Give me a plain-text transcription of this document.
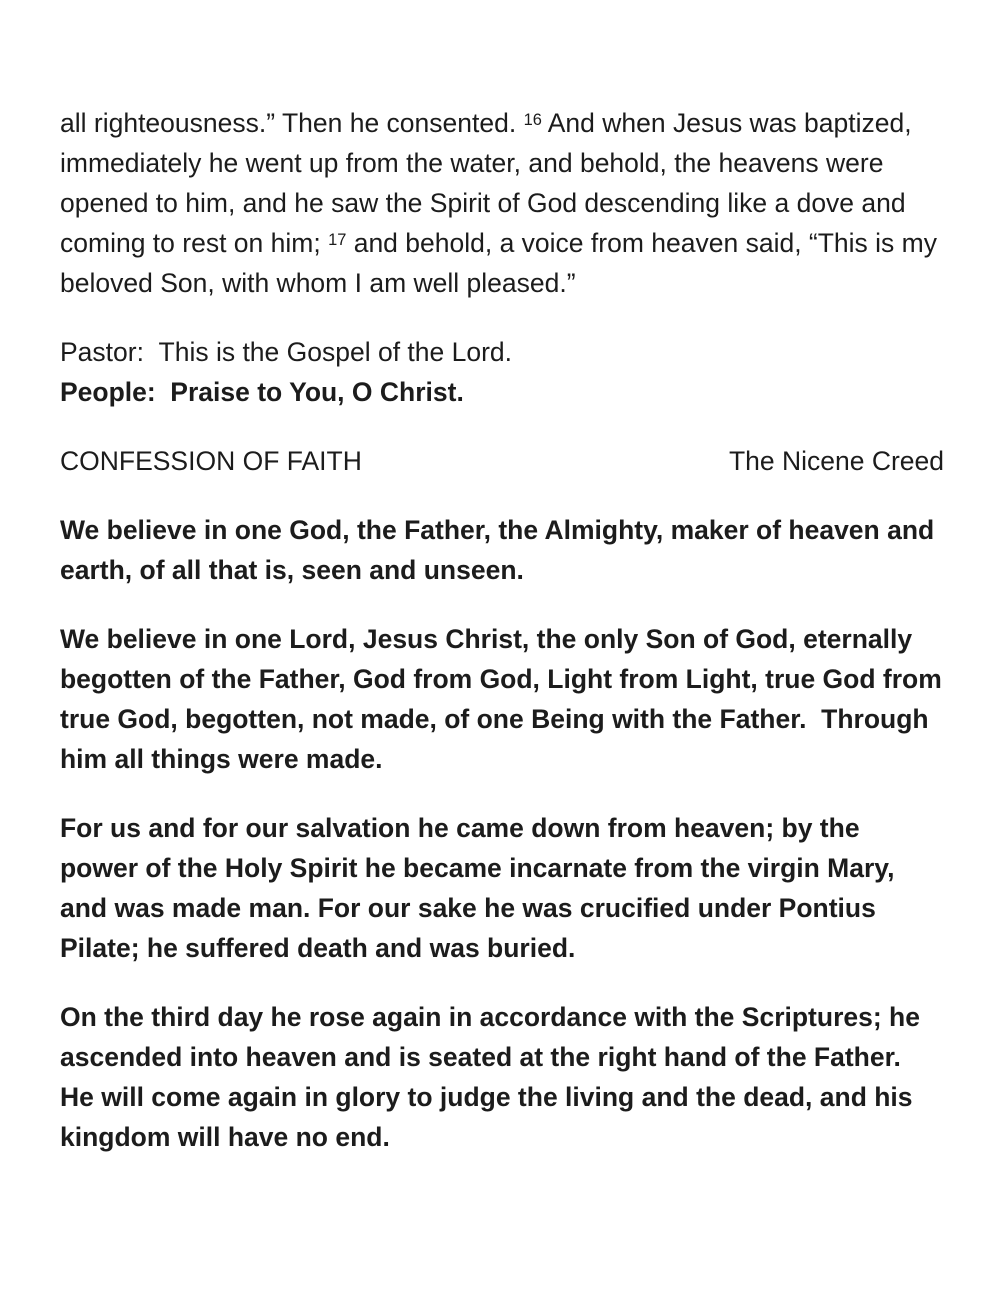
all righteousness.” Then he consented. $^{16}$ And when Jesus was baptized, immediately he went up from the water, and behold, the heavens were opened to him, and he saw the Spirit of God descending like a dove and coming to rest on him; $^{17}$ and behold, a voice from heaven said, “This is my beloved Son, with whom I am well pleased.”

Pastor: This is the Gospel of the Lord.
People: Praise to You, O Christ.
CONFESSION OF FAITH	The Nicene Creed

We believe in one God, the Father, the Almighty, maker of heaven and earth, of all that is, seen and unseen.

We believe in one Lord, Jesus Christ, the only Son of God, eternally begotten of the Father, God from God, Light from Light, true God from true God, begotten, not made, of one Being with the Father.  Through him all things were made.

For us and for our salvation he came down from heaven; by the power of the Holy Spirit he became incarnate from the virgin Mary, and was made man. For our sake he was crucified under Pontius Pilate; he suffered death and was buried.

On the third day he rose again in accordance with the Scriptures; he ascended into heaven and is seated at the right hand of the Father.  He will come again in glory to judge the living and the dead, and his kingdom will have no end.
